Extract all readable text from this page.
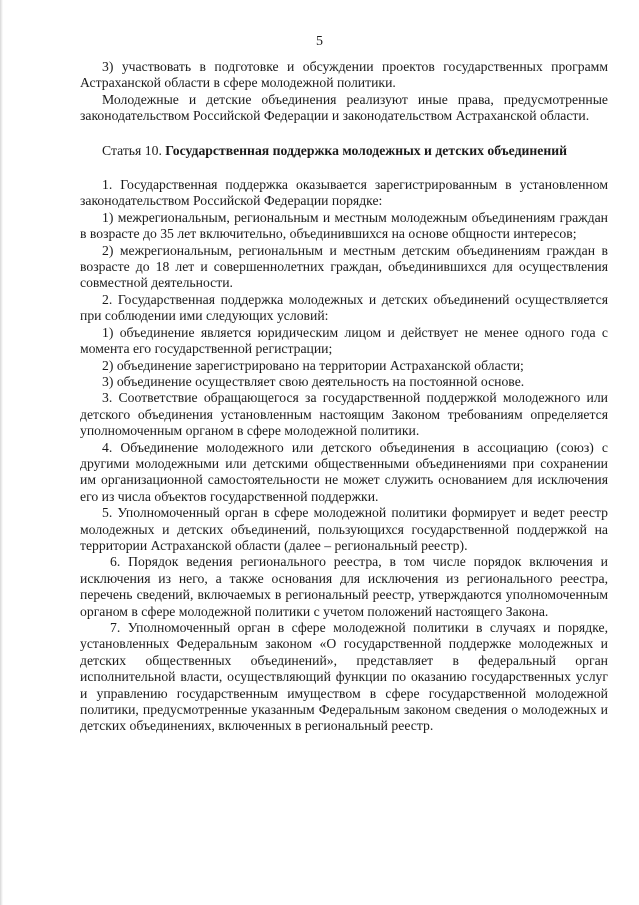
5

3) участвовать в подготовке и обсуждении проектов государственных программ Астраханской области в сфере молодежной политики.

Молодежные и детские объединения реализуют иные права, предусмотренные законодательством Российской Федерации и законодательством Астраханской области.

Статья 10. Государственная поддержка молодежных и детских объединений

1. Государственная поддержка оказывается зарегистрированным в установленном законодательством Российской Федерации порядке:

1) межрегиональным, региональным и местным молодежным объединениям граждан в возрасте до 35 лет включительно, объединившихся на основе общности интересов;

2) межрегиональным, региональным и местным детским объединениям граждан в возрасте до 18 лет и совершеннолетних граждан, объединившихся для осуществления совместной деятельности.

2. Государственная поддержка молодежных и детских объединений осуществляется при соблюдении ими следующих условий:

1) объединение является юридическим лицом и действует не менее одного года с момента его государственной регистрации;

2) объединение зарегистрировано на территории Астраханской области;

3) объединение осуществляет свою деятельность на постоянной основе.

3. Соответствие обращающегося за государственной поддержкой молодежного или детского объединения установленным настоящим Законом требованиям определяется уполномоченным органом в сфере молодежной политики.

4. Объединение молодежного или детского объединения в ассоциацию (союз) с другими молодежными или детскими общественными объединениями при сохранении им организационной самостоятельности не может служить основанием для исключения его из числа объектов государственной поддержки.

5. Уполномоченный орган в сфере молодежной политики формирует и ведет реестр молодежных и детских объединений, пользующихся государственной поддержкой на территории Астраханской области (далее – региональный реестр).

6. Порядок ведения регионального реестра, в том числе порядок включения и исключения из него, а также основания для исключения из регионального реестра, перечень сведений, включаемых в региональный реестр, утверждаются уполномоченным органом в сфере молодежной политики с учетом положений настоящего Закона.

7. Уполномоченный орган в сфере молодежной политики в случаях и порядке, установленных Федеральным законом «О государственной поддержке молодежных и детских общественных объединений», представляет в федеральный орган исполнительной власти, осуществляющий функции по оказанию государственных услуг и управлению государственным имуществом в сфере государственной молодежной политики, предусмотренные указанным Федеральным законом сведения о молодежных и детских объединениях, включенных в региональный реестр.
